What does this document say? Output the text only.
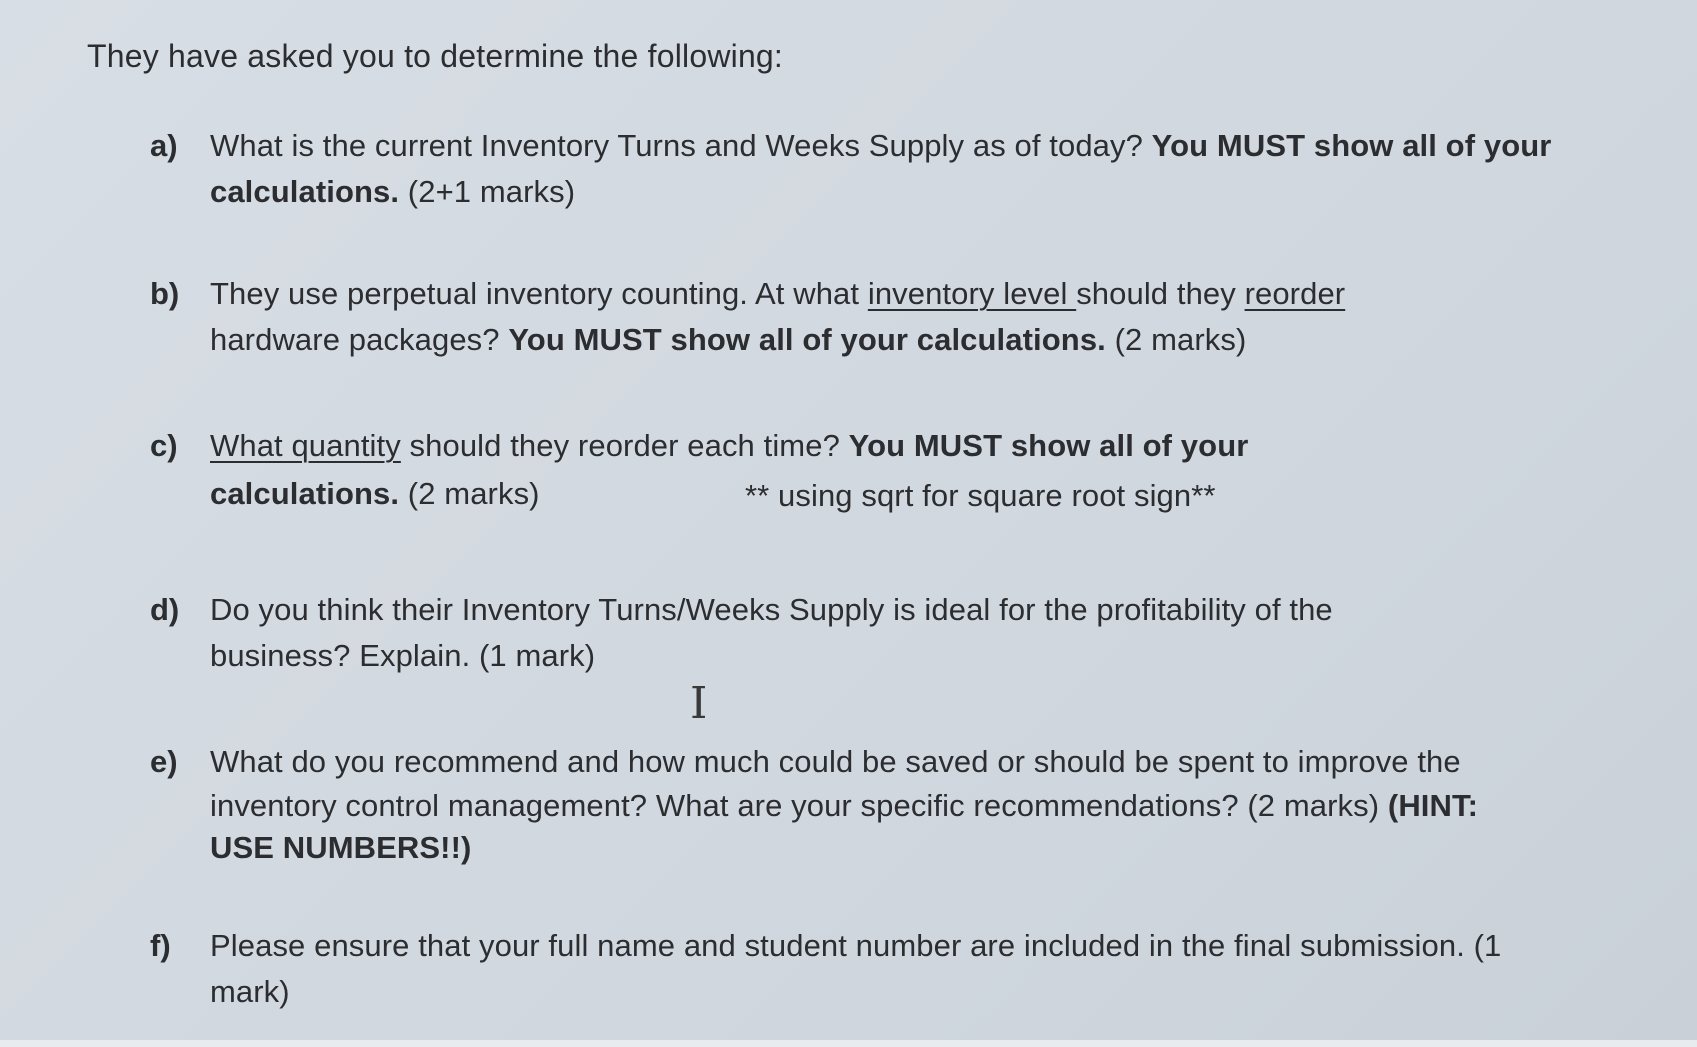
They have asked you to determine the following:
a) What is the current Inventory Turns and Weeks Supply as of today? You MUST show all of your
calculations. (2+1 marks)
b) They use perpetual inventory counting. At what inventory level should they reorder
hardware packages? You MUST show all of your calculations. (2 marks)
c) What quantity should they reorder each time? You MUST show all of your
calculations. (2 marks)	** using sqrt for square root sign**
d) Do you think their Inventory Turns/Weeks Supply is ideal for the profitability of the
business? Explain. (1 mark)
I
e) What do you recommend and how much could be saved or should be spent to improve the
inventory control management? What are your specific recommendations? (2 marks) (HINT:
USE NUMBERS!!)
f) Please ensure that your full name and student number are included in the final submission. (1
mark)
